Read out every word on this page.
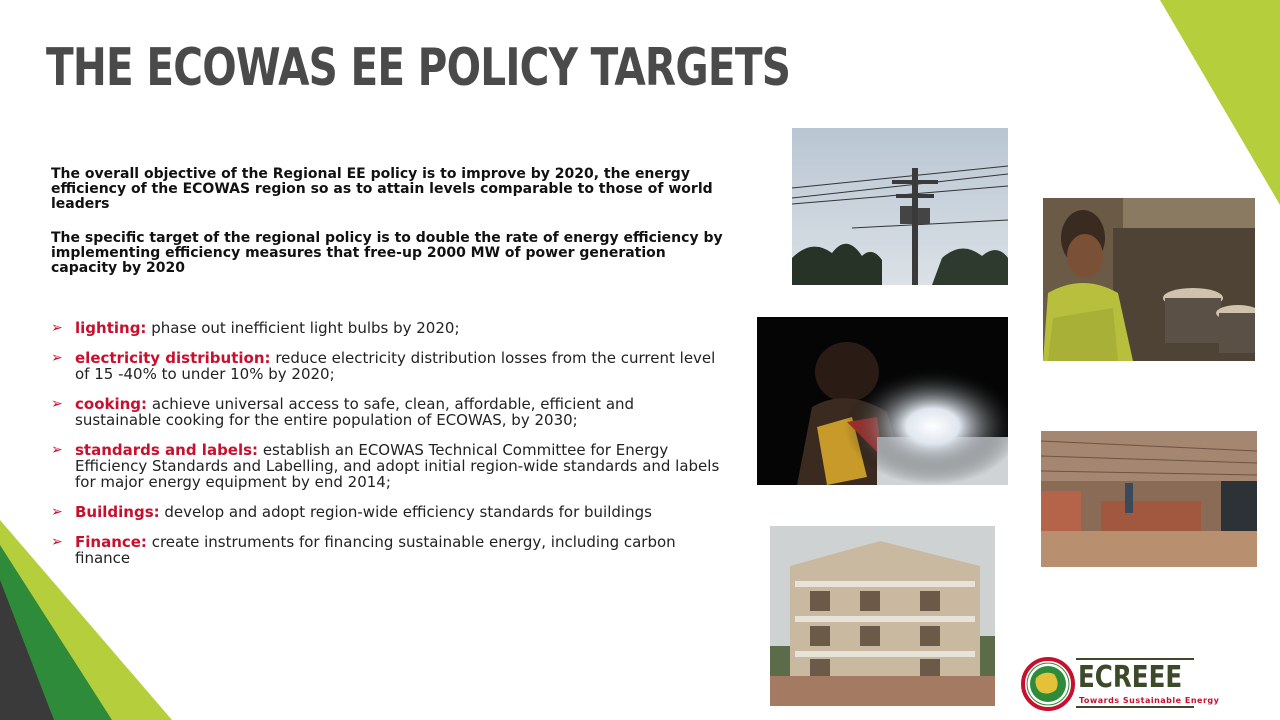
THE ECOWAS EE POLICY TARGETS

The overall objective of the Regional EE policy is to improve by 2020, the energy efficiency of the ECOWAS region so as to attain levels comparable to those of world leaders

The specific target of the regional policy is to double the rate of energy efficiency by implementing efficiency measures that free-up 2000 MW of power generation capacity by 2020

➢ lighting: phase out inefficient light bulbs by 2020;
➢ electricity distribution: reduce electricity distribution losses from the current level of 15 -40% to under 10% by 2020;
➢ cooking: achieve universal access to safe, clean, affordable, efficient and sustainable cooking for the entire population of ECOWAS, by 2030;
➢ standards and labels: establish an ECOWAS Technical Committee for Energy Efficiency Standards and Labelling, and adopt initial region-wide standards and labels for major energy equipment by end 2014;
➢ Buildings: develop and adopt region-wide efficiency standards for buildings
➢ Finance: create instruments for financing sustainable energy, including carbon finance
ECREEE
Towards Sustainable Energy
